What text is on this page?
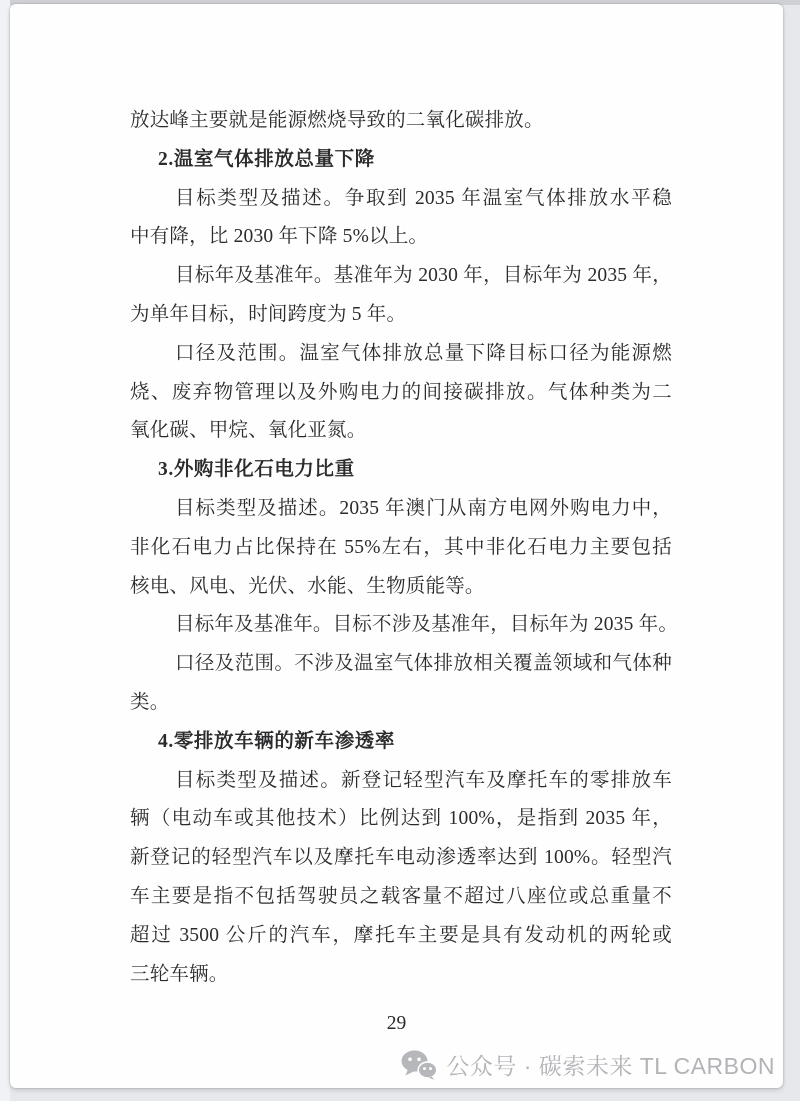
放达峰主要就是能源燃烧导致的二氧化碳排放。
2.温室气体排放总量下降
目标类型及描述。争取到 2035 年温室气体排放水平稳
中有降，比 2030 年下降 5%以上。
目标年及基准年。基准年为 2030 年，目标年为 2035 年，
为单年目标，时间跨度为 5 年。
口径及范围。温室气体排放总量下降目标口径为能源燃
烧、废弃物管理以及外购电力的间接碳排放。气体种类为二
氧化碳、甲烷、氧化亚氮。
3.外购非化石电力比重
目标类型及描述。2035 年澳门从南方电网外购电力中，
非化石电力占比保持在 55%左右，其中非化石电力主要包括
核电、风电、光伏、水能、生物质能等。
目标年及基准年。目标不涉及基准年，目标年为 2035 年。
口径及范围。不涉及温室气体排放相关覆盖领域和气体种
类。
4.零排放车辆的新车渗透率
目标类型及描述。新登记轻型汽车及摩托车的零排放车
辆（电动车或其他技术）比例达到 100%，是指到 2035 年，
新登记的轻型汽车以及摩托车电动渗透率达到 100%。轻型汽
车主要是指不包括驾驶员之载客量不超过八座位或总重量不
超过 3500 公斤的汽车，摩托车主要是具有发动机的两轮或
三轮车辆。
29
公众号 · 碳索未来 TL CARBON
